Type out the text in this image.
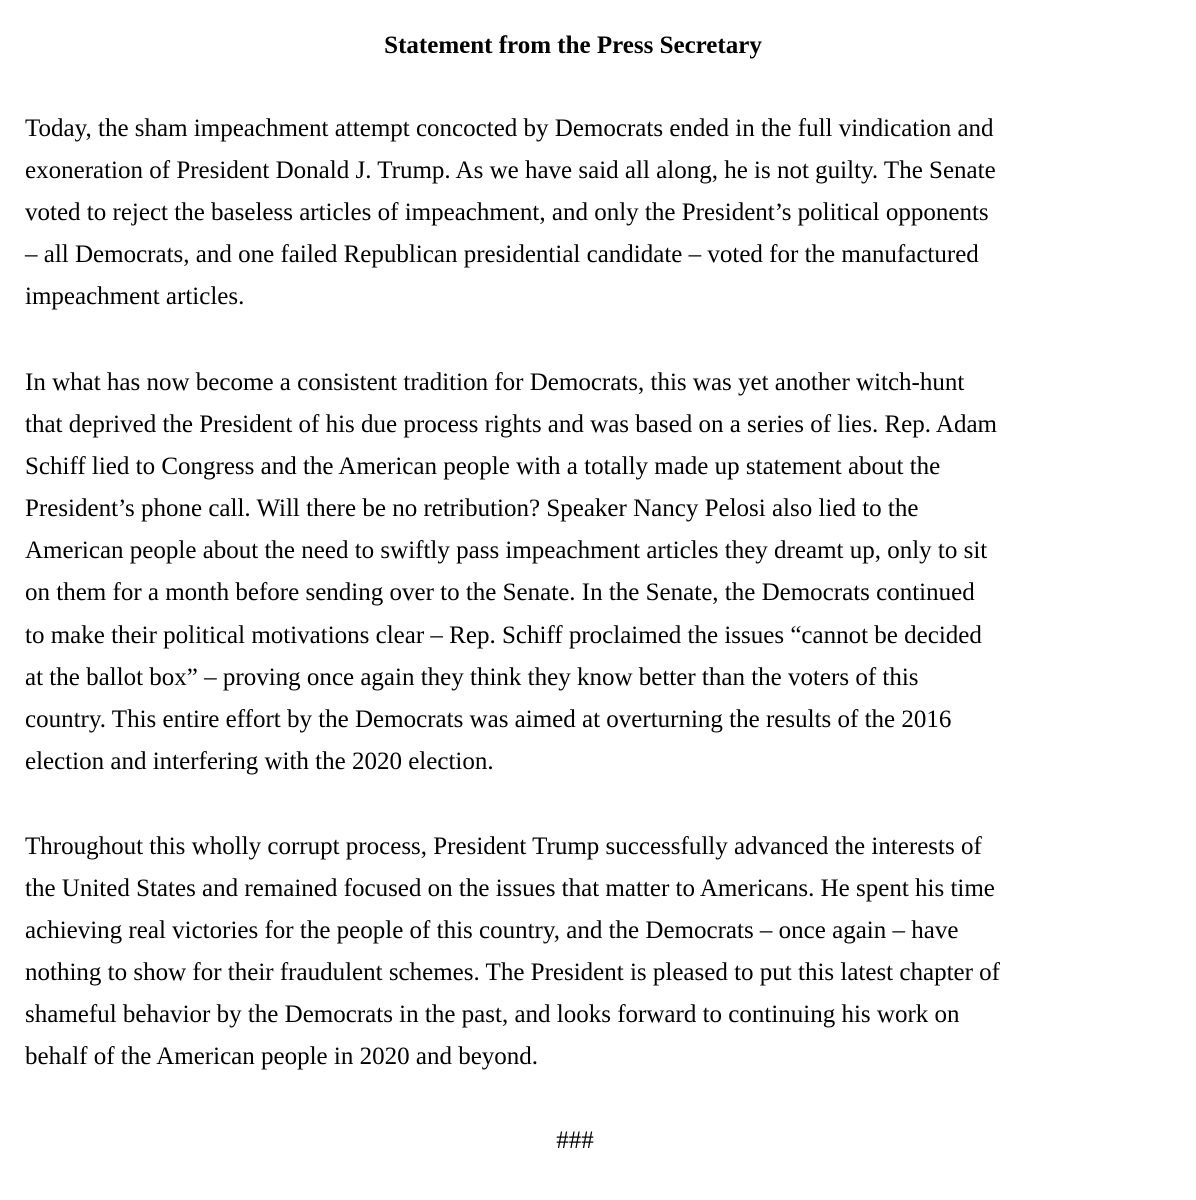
Statement from the Press Secretary

Today, the sham impeachment attempt concocted by Democrats ended in the full vindication and
exoneration of President Donald J. Trump. As we have said all along, he is not guilty. The Senate
voted to reject the baseless articles of impeachment, and only the President’s political opponents
– all Democrats, and one failed Republican presidential candidate – voted for the manufactured
impeachment articles.

In what has now become a consistent tradition for Democrats, this was yet another witch-hunt
that deprived the President of his due process rights and was based on a series of lies. Rep. Adam
Schiff lied to Congress and the American people with a totally made up statement about the
President’s phone call. Will there be no retribution? Speaker Nancy Pelosi also lied to the
American people about the need to swiftly pass impeachment articles they dreamt up, only to sit
on them for a month before sending over to the Senate. In the Senate, the Democrats continued
to make their political motivations clear – Rep. Schiff proclaimed the issues “cannot be decided
at the ballot box” – proving once again they think they know better than the voters of this
country. This entire effort by the Democrats was aimed at overturning the results of the 2016
election and interfering with the 2020 election.

Throughout this wholly corrupt process, President Trump successfully advanced the interests of
the United States and remained focused on the issues that matter to Americans. He spent his time
achieving real victories for the people of this country, and the Democrats – once again – have
nothing to show for their fraudulent schemes. The President is pleased to put this latest chapter of
shameful behavior by the Democrats in the past, and looks forward to continuing his work on
behalf of the American people in 2020 and beyond.

###
